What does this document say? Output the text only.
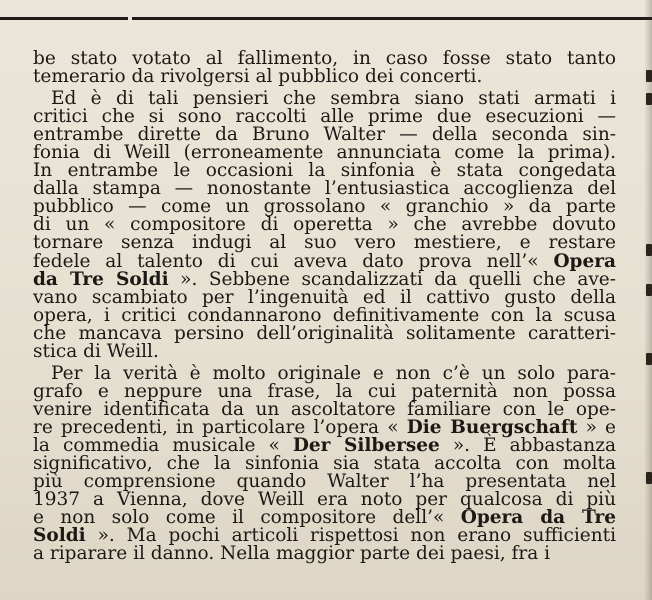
be stato votato al fallimento, in caso fosse stato tanto
temerario da rivolgersi al pubblico dei concerti.
Ed è di tali pensieri che sembra siano stati armati i
critici che si sono raccolti alle prime due esecuzioni —
entrambe dirette da Bruno Walter — della seconda sin-
fonia di Weill (erroneamente annunciata come la prima).
In entrambe le occasioni la sinfonia è stata congedata
dalla stampa — nonostante l’entusiastica accoglienza del
pubblico — come un grossolano « granchio » da parte
di un « compositore di operetta » che avrebbe dovuto
tornare senza indugi al suo vero mestiere, e restare
fedele al talento di cui aveva dato prova nell’« Opera
da Tre Soldi ». Sebbene scandalizzati da quelli che ave-
vano scambiato per l’ingenuità ed il cattivo gusto della
opera, i critici condannarono definitivamente con la scusa
che mancava persino dell’originalità solitamente caratteri-
stica di Weill.
Per la verità è molto originale e non c’è un solo para-
grafo e neppure una frase, la cui paternità non possa
venire identificata da un ascoltatore familiare con le ope-
re precedenti, in particolare l’opera « Die Buergschaft » e
la commedia musicale « Der Silbersee ». È abbastanza
significativo, che la sinfonia sia stata accolta con molta
più comprensione quando Walter l’ha presentata nel
1937 a Vienna, dove Weill era noto per qualcosa di più
e non solo come il compositore dell’« Opera da Tre
Soldi ». Ma pochi articoli rispettosi non erano sufficienti
a riparare il danno. Nella maggior parte dei paesi, fra i
